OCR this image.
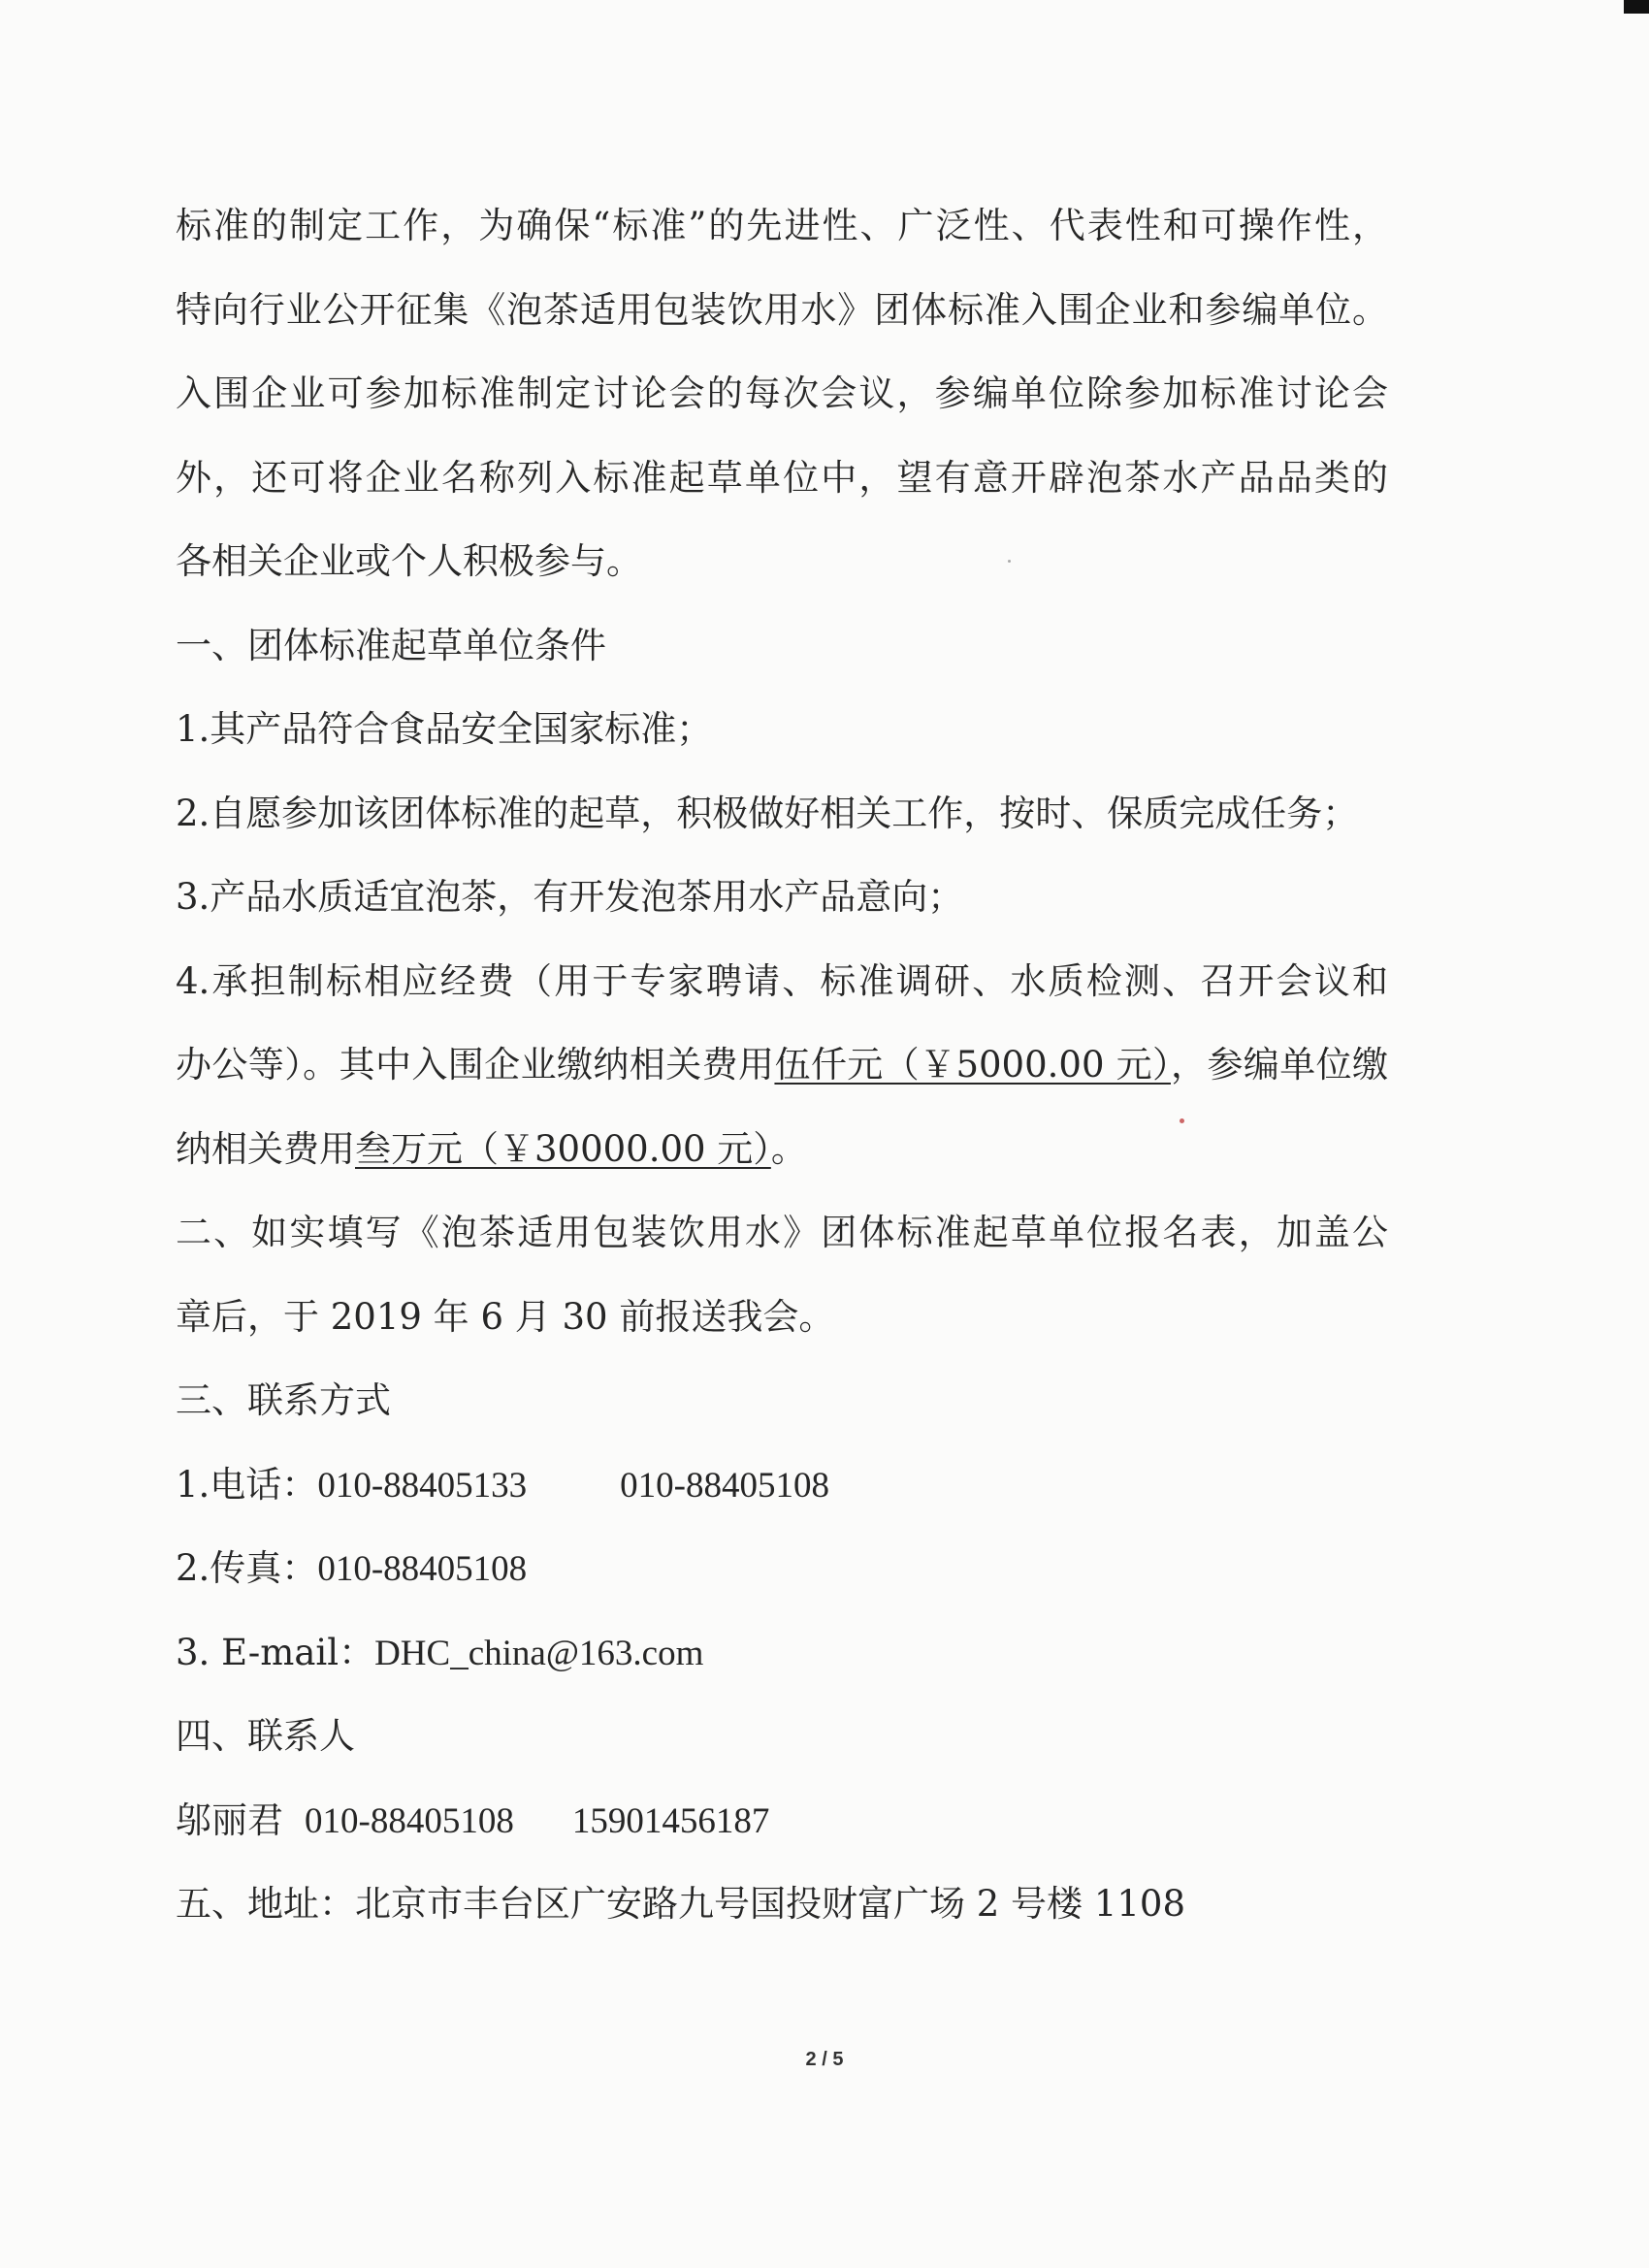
标准的制定工作，为确保“标准”的先进性、广泛性、代表性和可操作性，
特向行业公开征集《泡茶适用包装饮用水》团体标准入围企业和参编单位。
入围企业可参加标准制定讨论会的每次会议，参编单位除参加标准讨论会
外，还可将企业名称列入标准起草单位中，望有意开辟泡茶水产品品类的
各相关企业或个人积极参与。
一、团体标准起草单位条件
1.其产品符合食品安全国家标准；
2.自愿参加该团体标准的起草，积极做好相关工作，按时、保质完成任务；
3.产品水质适宜泡茶，有开发泡茶用水产品意向；
4.承担制标相应经费（用于专家聘请、标准调研、水质检测、召开会议和
办公等）。其中入围企业缴纳相关费用伍仟元（￥5000.00 元），参编单位缴
纳相关费用叁万元（￥30000.00 元）。
二、如实填写《泡茶适用包装饮用水》团体标准起草单位报名表，加盖公
章后，于 2019 年 6 月 30 前报送我会。
三、联系方式
1.电话：010-88405133	010-88405108
2.传真：010-88405108
3. E-mail：DHC_china@163.com
四、联系人
邬丽君 010-88405108 15901456187
五、地址：北京市丰台区广安路九号国投财富广场 2 号楼 1108
2 / 5
